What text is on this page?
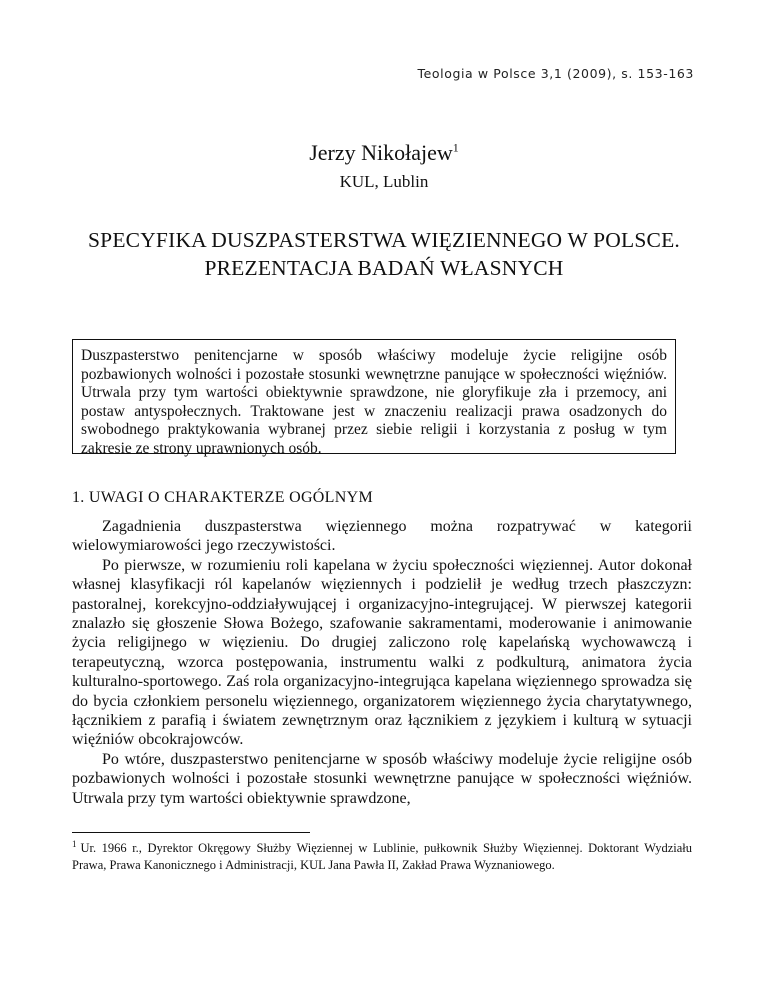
Teologia w Polsce 3,1 (2009), s. 153-163
Jerzy Nikołajew$^1$
KUL, Lublin
SPECYFIKA DUSZPASTERSTWA WIĘZIENNEGO W POLSCE.
PREZENTACJA BADAŃ WŁASNYCH
Duszpasterstwo penitencjarne w sposób właściwy modeluje życie religijne osób pozbawionych wolności i pozostałe stosunki wewnętrzne panujące w społeczności więźniów. Utrwala przy tym wartości obiektywnie sprawdzone, nie gloryfikuje zła i przemocy, ani postaw antyspołecznych. Traktowane jest w znaczeniu realizacji prawa osadzonych do swobodnego praktykowania wybranej przez siebie religii i korzystania z posług w tym zakresie ze strony uprawnionych osób.
1. UWAGI O CHARAKTERZE OGÓLNYM

Zagadnienia duszpasterstwa więziennego można rozpatrywać w kategorii wielowymiarowości jego rzeczywistości.

Po pierwsze, w rozumieniu roli kapelana w życiu społeczności więziennej. Autor dokonał własnej klasyfikacji ról kapelanów więziennych i podzielił je według trzech płaszczyzn: pastoralnej, korekcyjno-oddziaływującej i organizacyjno-integrującej. W pierwszej kategorii znalazło się głoszenie Słowa Bożego, szafowanie sakramentami, moderowanie i animowanie życia religijnego w więzieniu. Do drugiej zaliczono rolę kapelańską wychowawczą i terapeutyczną, wzorca postępowania, instrumentu walki z podkulturą, animatora życia kulturalno-sportowego. Zaś rola organizacyjno-integrująca kapelana więziennego sprowadza się do bycia członkiem personelu więziennego, organizatorem więziennego życia charytatywnego, łącznikiem z parafią i światem zewnętrznym oraz łącznikiem z językiem i kulturą w sytuacji więźniów obcokrajowców.

Po wtóre, duszpasterstwo penitencjarne w sposób właściwy modeluje życie religijne osób pozbawionych wolności i pozostałe stosunki wewnętrzne panujące w społeczności więźniów. Utrwala przy tym wartości obiektywnie sprawdzone,

$^1$ Ur. 1966 r., Dyrektor Okręgowy Służby Więziennej w Lublinie, pułkownik Służby Więziennej. Doktorant Wydziału Prawa, Prawa Kanonicznego i Administracji, KUL Jana Pawła II, Zakład Prawa Wyznaniowego.
